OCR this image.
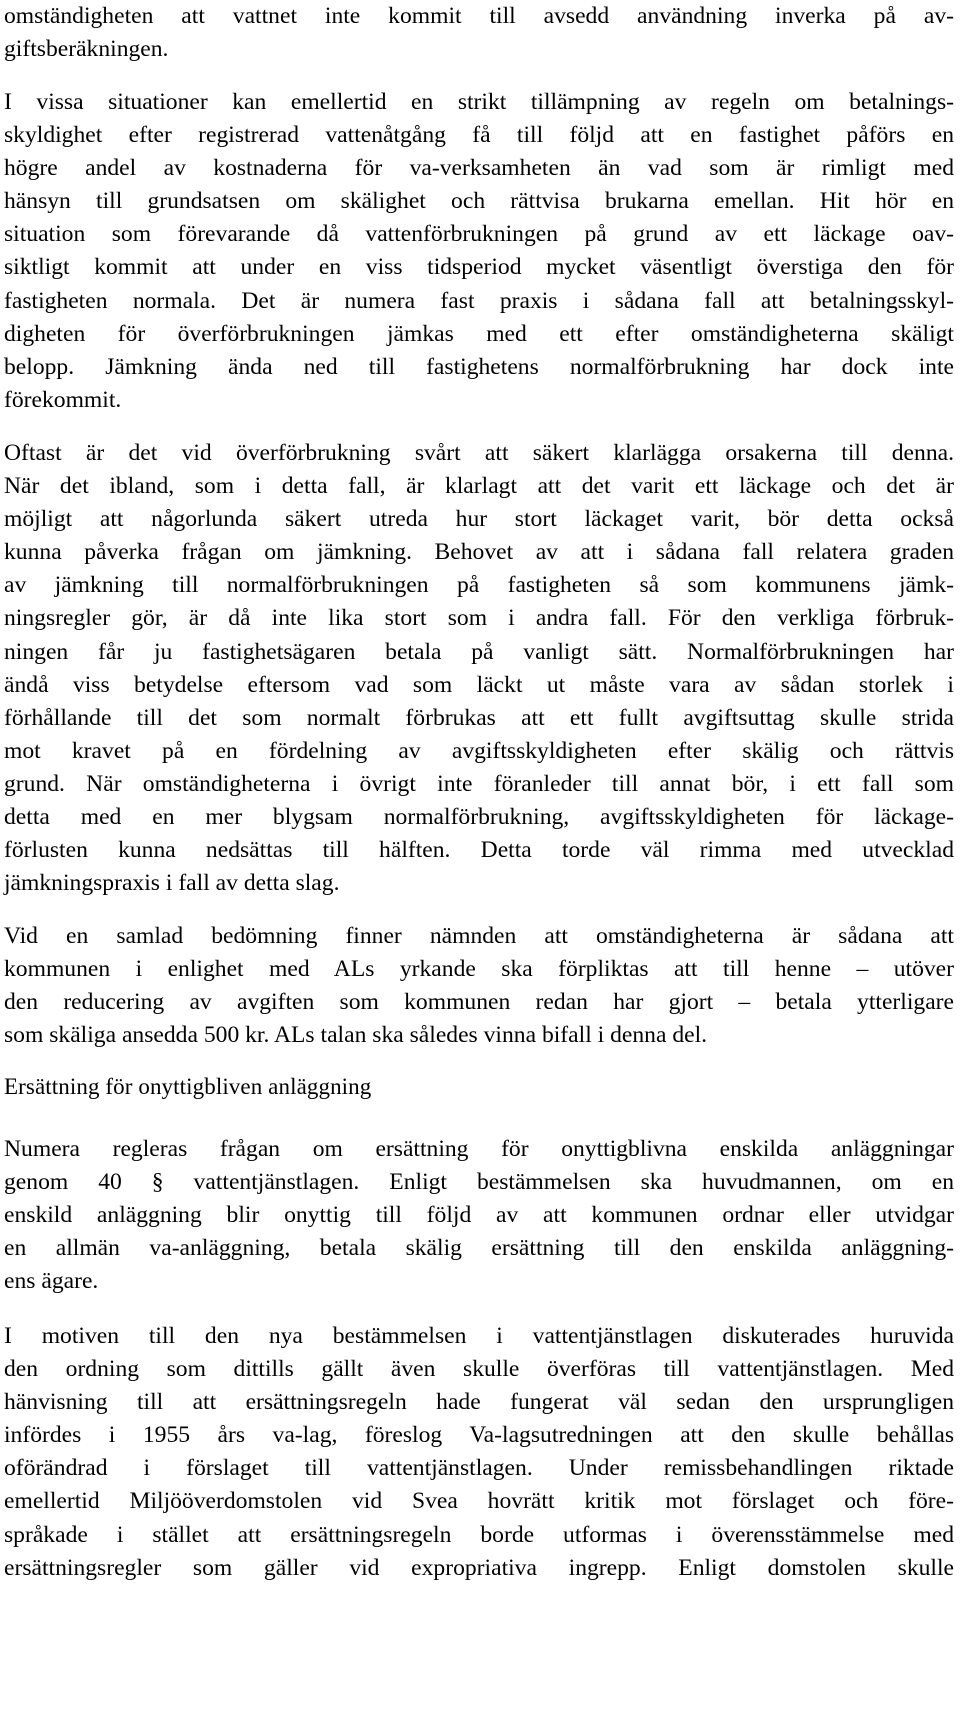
omständigheten att vattnet inte kommit till avsedd användning inverka på av-
giftsberäkningen.
I vissa situationer kan emellertid en strikt tillämpning av regeln om betalnings-
skyldighet efter registrerad vattenåtgång få till följd att en fastighet påförs en
högre andel av kostnaderna för va-verksamheten än vad som är rimligt med
hänsyn till grundsatsen om skälighet och rättvisa brukarna emellan. Hit hör en
situation som förevarande då vattenförbrukningen på grund av ett läckage oav-
siktligt kommit att under en viss tidsperiod mycket väsentligt överstiga den för
fastigheten normala. Det är numera fast praxis i sådana fall att betalningsskyl-
digheten för överförbrukningen jämkas med ett efter omständigheterna skäligt
belopp. Jämkning ända ned till fastighetens normalförbrukning har dock inte
förekommit.
Oftast är det vid överförbrukning svårt att säkert klarlägga orsakerna till denna.
När det ibland, som i detta fall, är klarlagt att det varit ett läckage och det är
möjligt att någorlunda säkert utreda hur stort läckaget varit, bör detta också
kunna påverka frågan om jämkning. Behovet av att i sådana fall relatera graden
av jämkning till normalförbrukningen på fastigheten så som kommunens jämk-
ningsregler gör, är då inte lika stort som i andra fall. För den verkliga förbruk-
ningen får ju fastighetsägaren betala på vanligt sätt. Normalförbrukningen har
ändå viss betydelse eftersom vad som läckt ut måste vara av sådan storlek i
förhållande till det som normalt förbrukas att ett fullt avgiftsuttag skulle strida
mot kravet på en fördelning av avgiftsskyldigheten efter skälig och rättvis
grund. När omständigheterna i övrigt inte föranleder till annat bör, i ett fall som
detta med en mer blygsam normalförbrukning, avgiftsskyldigheten för läckage-
förlusten kunna nedsättas till hälften. Detta torde väl rimma med utvecklad
jämkningspraxis i fall av detta slag.
Vid en samlad bedömning finner nämnden att omständigheterna är sådana att
kommunen i enlighet med ALs yrkande ska förpliktas att till henne – utöver
den reducering av avgiften som kommunen redan har gjort – betala ytterligare
som skäliga ansedda 500 kr. ALs talan ska således vinna bifall i denna del.
Ersättning för onyttigbliven anläggning
Numera regleras frågan om ersättning för onyttigblivna enskilda anläggningar
genom 40 § vattentjänstlagen. Enligt bestämmelsen ska huvudmannen, om en
enskild anläggning blir onyttig till följd av att kommunen ordnar eller utvidgar
en allmän va-anläggning, betala skälig ersättning till den enskilda anläggning-
ens ägare.
I motiven till den nya bestämmelsen i vattentjänstlagen diskuterades huruvida
den ordning som dittills gällt även skulle överföras till vattentjänstlagen. Med
hänvisning till att ersättningsregeln hade fungerat väl sedan den ursprungligen
infördes i 1955 års va-lag, föreslog Va-lagsutredningen att den skulle behållas
oförändrad i förslaget till vattentjänstlagen. Under remissbehandlingen riktade
emellertid Miljööverdomstolen vid Svea hovrätt kritik mot förslaget och före-
språkade i stället att ersättningsregeln borde utformas i överensstämmelse med
ersättningsregler som gäller vid expropriativa ingrepp. Enligt domstolen skulle
